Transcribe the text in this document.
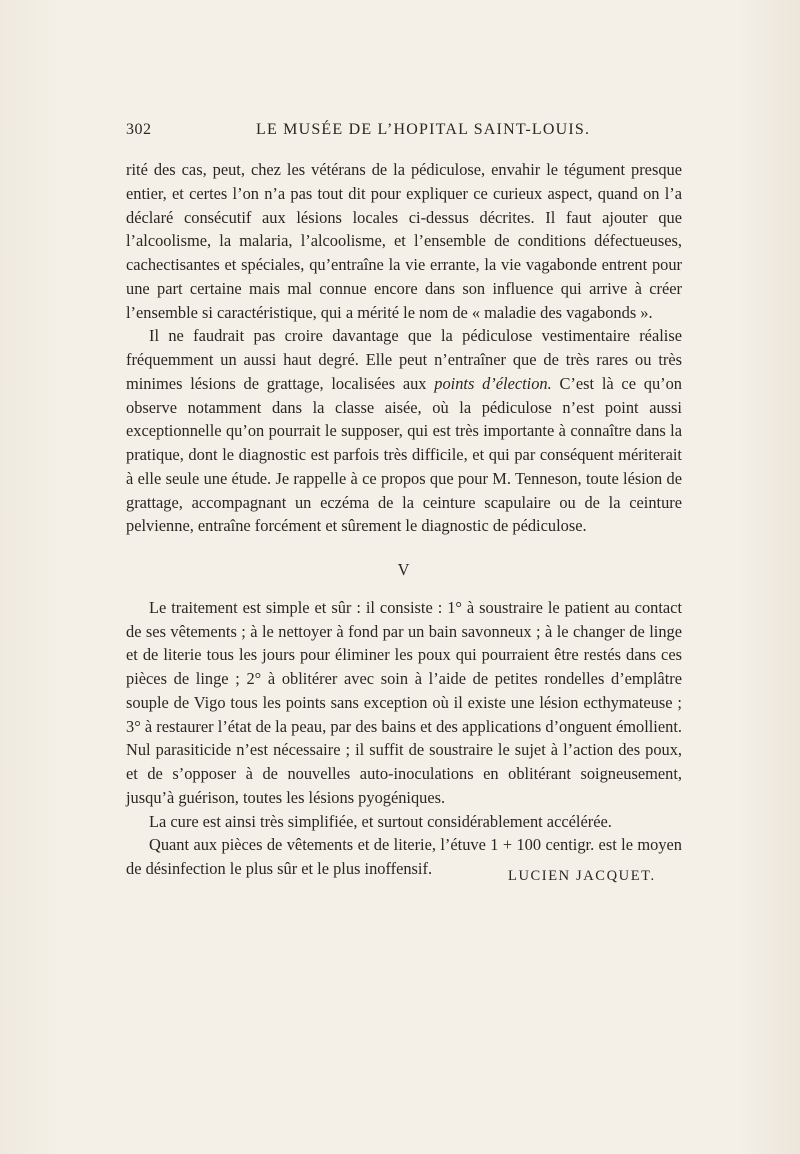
302	LE MUSÉE DE L’HOPITAL SAINT-LOUIS.

rité des cas, peut, chez les vétérans de la pédiculose, envahir le tégument presque entier, et certes l’on n’a pas tout dit pour expliquer ce curieux aspect, quand on l’a déclaré consécutif aux lésions locales ci-dessus décrites. Il faut ajouter que l’alcoolisme, la malaria, l’alcoolisme, et l’ensemble de conditions défectueuses, cachectisantes et spéciales, qu’entraîne la vie errante, la vie vagabonde entrent pour une part certaine mais mal connue encore dans son influence qui arrive à créer l’ensemble si caractéristique, qui a mérité le nom de « maladie des vagabonds ».

Il ne faudrait pas croire davantage que la pédiculose vestimentaire réalise fréquemment un aussi haut degré. Elle peut n’entraîner que de très rares ou très minimes lésions de grattage, localisées aux points d’élection. C’est là ce qu’on observe notamment dans la classe aisée, où la pédiculose n’est point aussi exceptionnelle qu’on pourrait le supposer, qui est très importante à connaître dans la pratique, dont le diagnostic est parfois très difficile, et qui par conséquent mériterait à elle seule une étude. Je rappelle à ce propos que pour M. Tenneson, toute lésion de grattage, accompagnant un eczéma de la ceinture scapulaire ou de la ceinture pelvienne, entraîne forcément et sûrement le diagnostic de pédiculose.

V

Le traitement est simple et sûr : il consiste : 1° à soustraire le patient au contact de ses vêtements ; à le nettoyer à fond par un bain savonneux ; à le changer de linge et de literie tous les jours pour éliminer les poux qui pourraient être restés dans ces pièces de linge ; 2° à oblitérer avec soin à l’aide de petites rondelles d’emplâtre souple de Vigo tous les points sans exception où il existe une lésion ecthymateuse ; 3° à restaurer l’état de la peau, par des bains et des applications d’onguent émollient. Nul parasiticide n’est nécessaire ; il suffit de soustraire le sujet à l’action des poux, et de s’opposer à de nouvelles auto-inoculations en oblitérant soigneusement, jusqu’à guérison, toutes les lésions pyogéniques.

La cure est ainsi très simplifiée, et surtout considérablement accélérée.

Quant aux pièces de vêtements et de literie, l’étuve 1 + 100 centigr. est le moyen de désinfection le plus sûr et le plus inoffensif.	LUCIEN JACQUET.
